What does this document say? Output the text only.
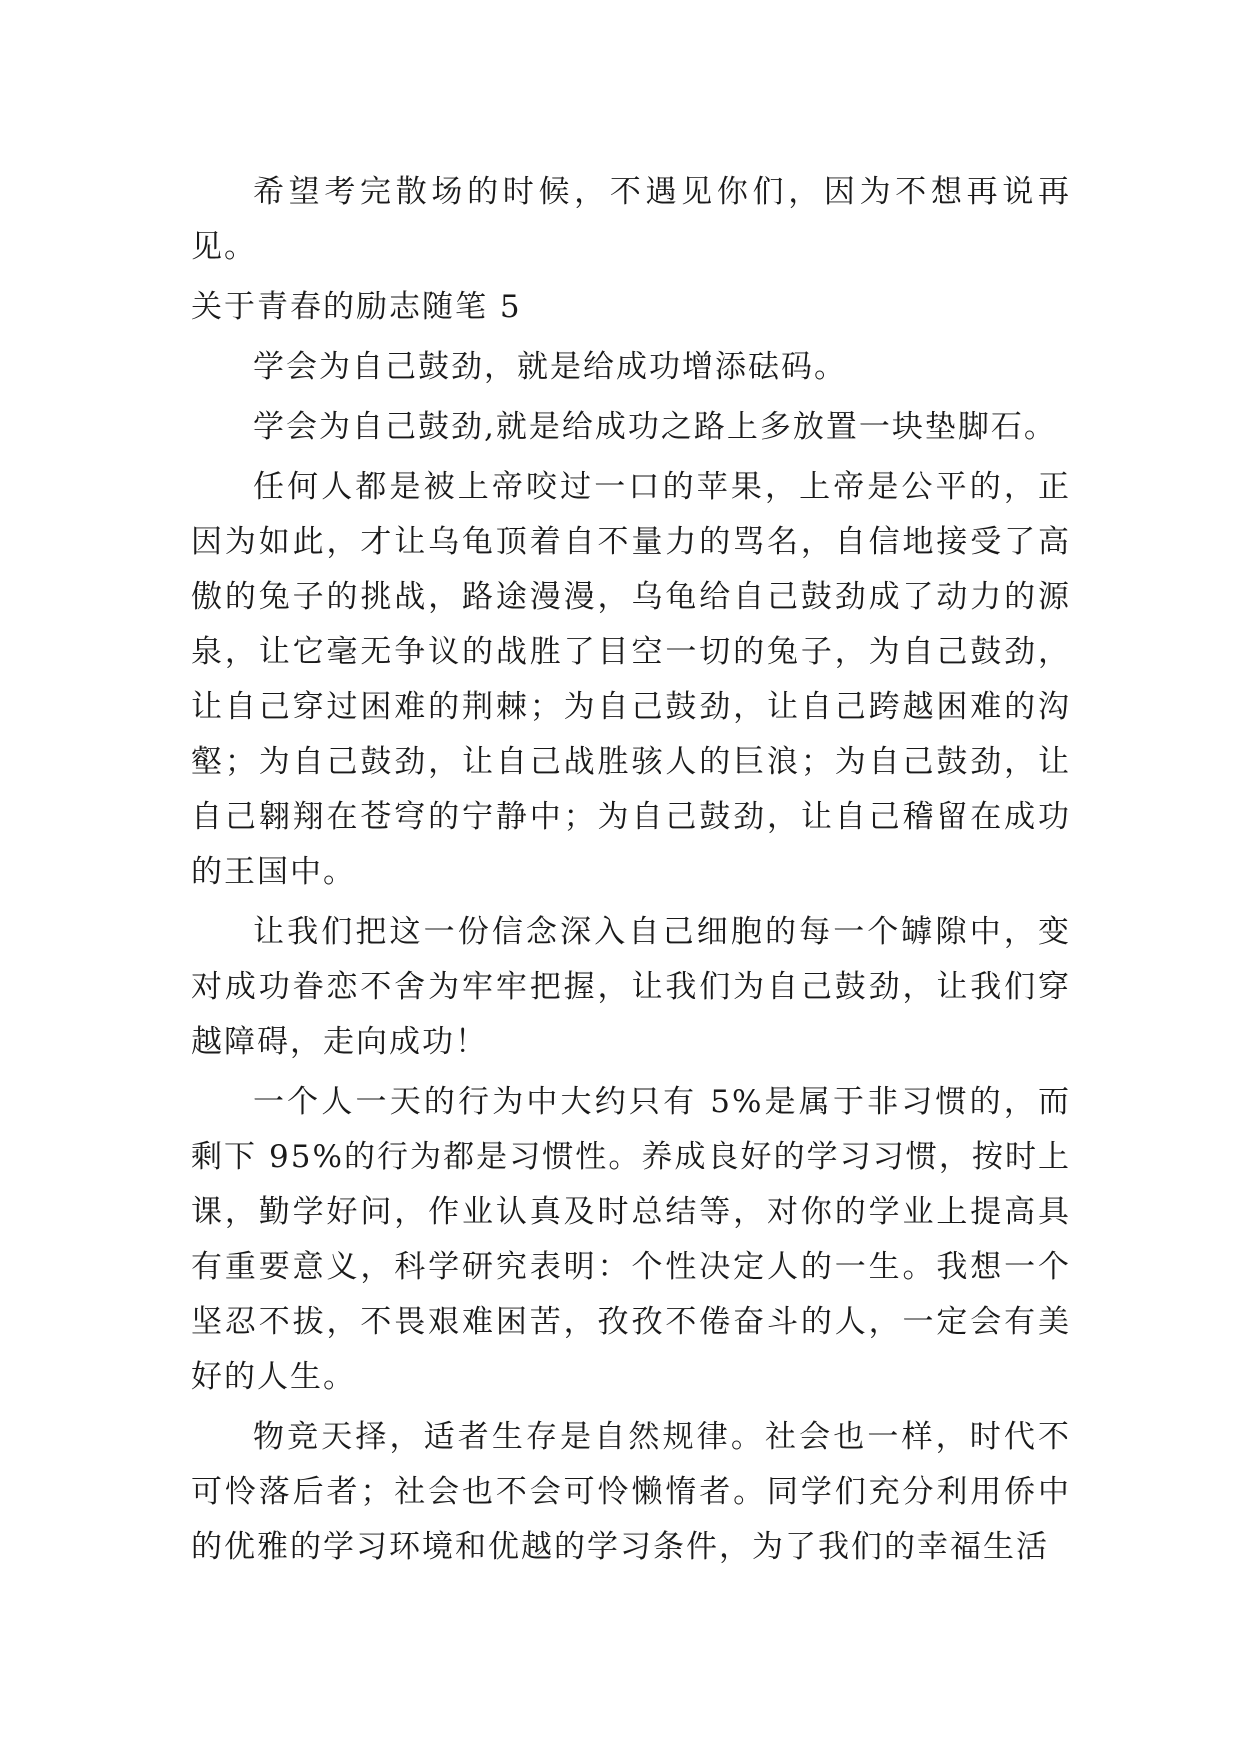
希望考完散场的时候，不遇见你们，因为不想再说再见。

关于青春的励志随笔 5

学会为自己鼓劲，就是给成功增添砝码。

学会为自己鼓劲,就是给成功之路上多放置一块垫脚石。

任何人都是被上帝咬过一口的苹果，上帝是公平的，正因为如此，才让乌龟顶着自不量力的骂名，自信地接受了高傲的兔子的挑战，路途漫漫，乌龟给自己鼓劲成了动力的源泉，让它毫无争议的战胜了目空一切的兔子，为自己鼓劲，让自己穿过困难的荆棘；为自己鼓劲，让自己跨越困难的沟壑；为自己鼓劲，让自己战胜骇人的巨浪；为自己鼓劲，让自己翱翔在苍穹的宁静中；为自己鼓劲，让自己稽留在成功的王国中。

让我们把这一份信念深入自己细胞的每一个罅隙中，变对成功眷恋不舍为牢牢把握，让我们为自己鼓劲，让我们穿越障碍，走向成功！

一个人一天的行为中大约只有 5%是属于非习惯的，而剩下 95%的行为都是习惯性。养成良好的学习习惯，按时上课，勤学好问，作业认真及时总结等，对你的学业上提高具有重要意义，科学研究表明：个性决定人的一生。我想一个坚忍不拔，不畏艰难困苦，孜孜不倦奋斗的人，一定会有美好的人生。

物竞天择，适者生存是自然规律。社会也一样，时代不可怜落后者；社会也不会可怜懒惰者。同学们充分利用侨中的优雅的学习环境和优越的学习条件，为了我们的幸福生活
